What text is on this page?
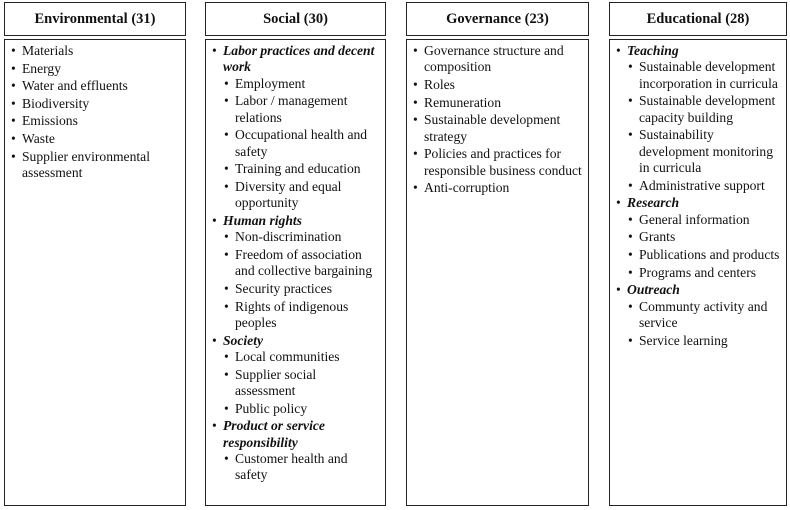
Environmental (31)
• Materials
• Energy
• Water and effluents
• Biodiversity
• Emissions
• Waste
• Supplier environmental assessment
Social (30)
• Labor practices and decent work
• Employment
• Labor / management relations
• Occupational health and safety
• Training and education
• Diversity and equal opportunity
• Human rights
• Non-discrimination
• Freedom of association and collective bargaining
• Security practices
• Rights of indigenous peoples
• Society
• Local communities
• Supplier social assessment
• Public policy
• Product or service responsibility
• Customer health and safety
Governance (23)
• Governance structure and composition
• Roles
• Remuneration
• Sustainable development strategy
• Policies and practices for responsible business conduct
• Anti-corruption
Educational (28)
• Teaching
• Sustainable development incorporation in curricula
• Sustainable development capacity building
• Sustainability development monitoring in curricula
• Administrative support
• Research
• General information
• Grants
• Publications and products
• Programs and centers
• Outreach
• Communty activity and service
• Service learning
